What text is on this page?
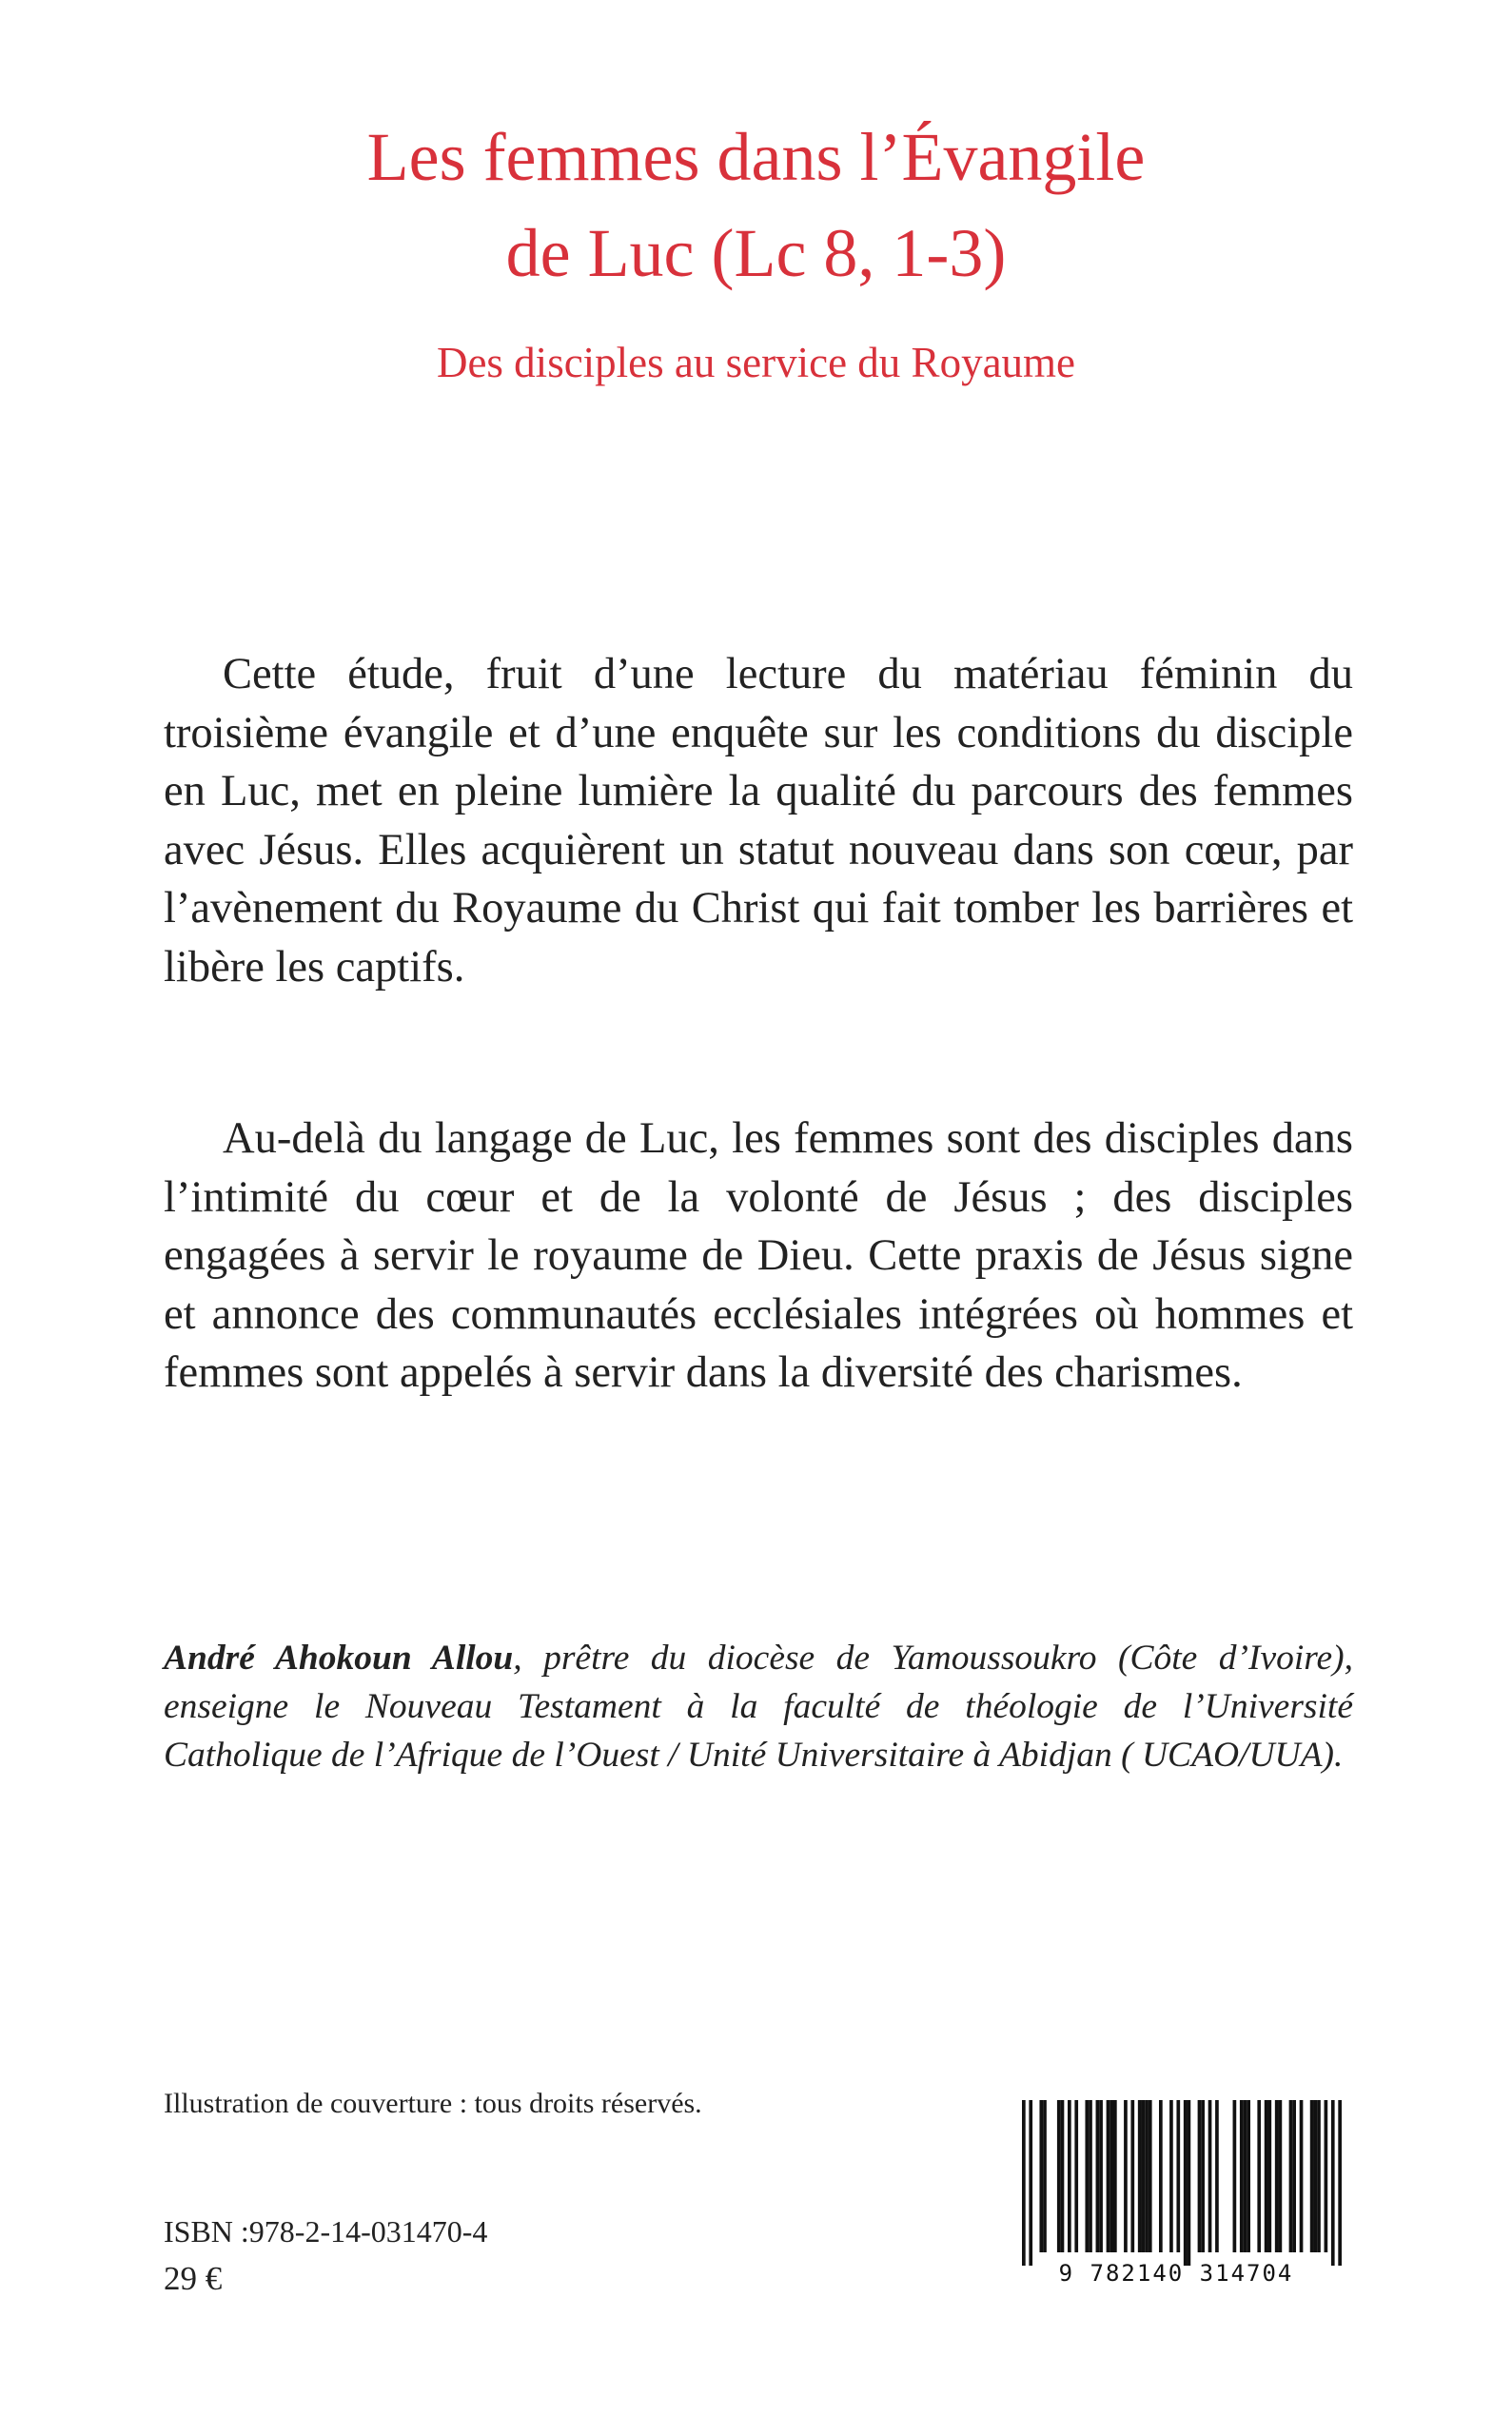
Les femmes dans l’Évangile
de Luc (Lc 8, 1-3)
Des disciples au service du Royaume

Cette étude, fruit d’une lecture du matériau féminin du troisième évangile et d’une enquête sur les conditions du disciple en Luc, met en pleine lumière la qualité du parcours des femmes avec Jésus. Elles acquièrent un statut nouveau dans son cœur, par l’avènement du Royaume du Christ qui fait tomber les barrières et libère les captifs.

Au-delà du langage de Luc, les femmes sont des disciples dans l’intimité du cœur et de la volonté de Jésus ; des disciples engagées à servir le royaume de Dieu. Cette praxis de Jésus signe et annonce des communautés ecclésiales intégrées où hommes et femmes sont appelés à servir dans la diversité des charismes.

André Ahokoun Allou, prêtre du diocèse de Yamoussoukro (Côte d’Ivoire), enseigne le Nouveau Testament à la faculté de théologie de l’Université Catholique de l’Afrique de l’Ouest / Unité Universitaire à Abidjan ( UCAO/UUA).

Illustration de couverture : tous droits réservés.

ISBN :978-2-14-031470-4

29 €	9 782140 314704
